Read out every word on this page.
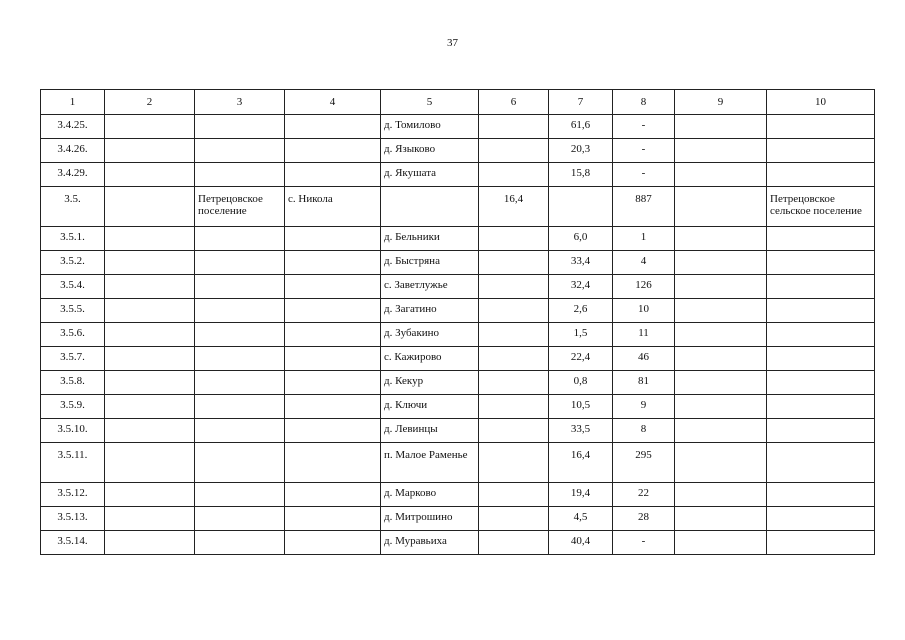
37
1	2	3	4	5	6	7	8	9	10
3.4.25.				д. Томилово		61,6	-		
3.4.26.				д. Языково		20,3	-		
3.4.29.				д. Якушата		15,8	-		
3.5.		Петрецовское поселение	с. Никола		16,4		887		Петрецовское сельское поселение
3.5.1.				д. Бельники		6,0	1		
3.5.2.				д. Быстряна		33,4	4		
3.5.4.				с. Заветлужье		32,4	126		
3.5.5.				д. Загатино		2,6	10		
3.5.6.				д. Зубакино		1,5	11		
3.5.7.				с. Кажирово		22,4	46		
3.5.8.				д. Кекур		0,8	81		
3.5.9.				д. Ключи		10,5	9		
3.5.10.				д. Левинцы		33,5	8		
3.5.11.				п. Малое Раменье		16,4	295		
3.5.12.				д. Марково		19,4	22		
3.5.13.				д. Митрошино		4,5	28		
3.5.14.				д. Муравьиха		40,4	-		
